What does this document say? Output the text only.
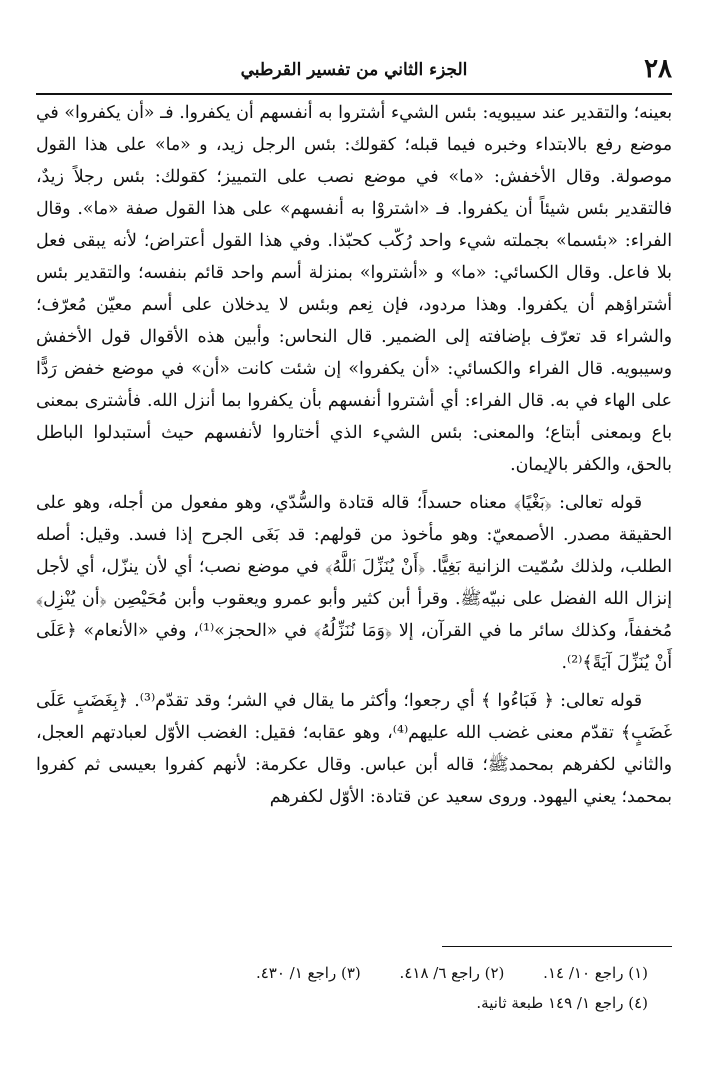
٢٨
الجزء الثاني من تفسير القرطبي

بعينه؛ والتقدير عند سيبويه: بئس الشيء أشتروا به أنفسهم أن يكفروا. فـ «أن يكفروا» في موضع رفع بالابتداء وخبره فيما قبله؛ كقولك: بئس الرجل زيد، و «ما» على هذا القول موصولة. وقال الأخفش: «ما» في موضع نصب على التمييز؛ كقولك: بئس رجلاً زيدٌ، فالتقدير بئس شيئاً أن يكفروا. فـ «اشتروْا به أنفسهم» على هذا القول صفة «ما». وقال الفراء: «بئسما» بجملته شيء واحد رُكّب كحبّذا. وفي هذا القول أعتراض؛ لأنه يبقى فعل بلا فاعل. وقال الكسائي: «ما» و «أشتروا» بمنزلة أسم واحد قائم بنفسه؛ والتقدير بئس أشتراؤهم أن يكفروا. وهذا مردود، فإن نِعم وبئس لا يدخلان على أسم معيّن مُعرّف؛ والشراء قد تعرّف بإضافته إلى الضمير. قال النحاس: وأبين هذه الأقوال قول الأخفش وسيبويه. قال الفراء والكسائي: «أن يكفروا» إن شئت كانت «أن» في موضع خفض رَدًّا على الهاء في به. قال الفراء: أي أشتروا أنفسهم بأن يكفروا بما أنزل الله. فأشترى بمعنى باع وبمعنى أبتاع؛ والمعنى: بئس الشيء الذي أختاروا لأنفسهم حيث أستبدلوا الباطل بالحق، والكفر بالإيمان.

قوله تعالى: ﴿بَغْيًا﴾ معناه حسداً؛ قاله قتادة والسُّدّي، وهو مفعول من أجله، وهو على الحقيقة مصدر. الأصمعيّ: وهو مأخوذ من قولهم: قد بَغَى الجرح إذا فسد. وقيل: أصله الطلب، ولذلك سُمّيت الزانية بَغِيًّا. ﴿أَنْ يُنَزِّلَ ٱللَّهُ﴾ في موضع نصب؛ أي لأن ينزّل، أي لأجل إنزال الله الفضل على نبيّهﷺ. وقرأ أبن كثير وأبو عمرو ويعقوب وأبن مُحَيْصِن ﴿أن يُنْزِل﴾ مُخففاً، وكذلك سائر ما في القرآن، إلا ﴿وَمَا نُنَزِّلُهُ﴾ في «الحجز»⁽¹⁾، وفي «الأنعام» ﴿عَلَى أَنْ يُنَزِّلَ آيَةً﴾⁽²⁾.

قوله تعالى: ﴿ فَبَاءُوا ﴾ أي رجعوا؛ وأكثر ما يقال في الشر؛ وقد تقدّم⁽³⁾. ﴿بِغَضَبٍ عَلَى غَضَبٍ﴾ تقدّم معنى غضب الله عليهم⁽⁴⁾، وهو عقابه؛ فقيل: الغضب الأوّل لعبادتهم العجل، والثاني لكفرهم بمحمدﷺ؛ قاله أبن عباس. وقال عكرمة: لأنهم كفروا بعيسى ثم كفروا بمحمد؛ يعني اليهود. وروى سعيد عن قتادة: الأوّل لكفرهم

(١) راجع ١٠/ ١٤. (٢) راجع ٦/ ٤١٨. (٣) راجع ١/ ٤٣٠.
(٤) راجع ١/ ١٤٩ طبعة ثانية.
